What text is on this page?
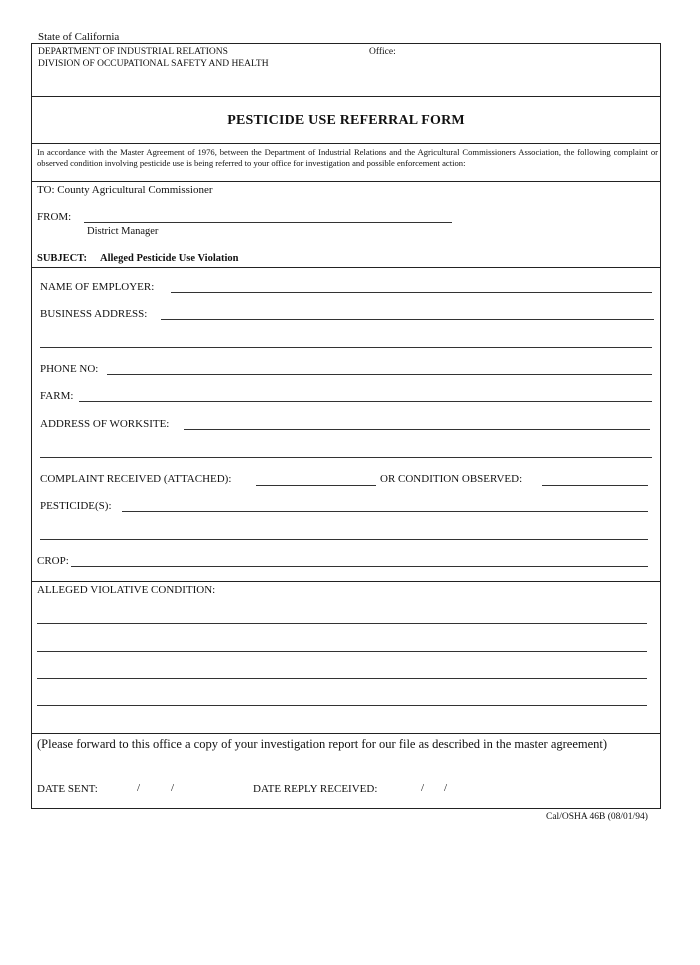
State of California
DEPARTMENT OF INDUSTRIAL RELATIONS
DIVISION OF OCCUPATIONAL SAFETY AND HEALTH
Office:
PESTICIDE USE REFERRAL FORM
In accordance with the Master Agreement of 1976, between the Department of Industrial Relations and the Agricultural Commissioners Association, the following complaint or observed condition involving pesticide use is being referred to your office for investigation and possible enforcement action:
TO: County Agricultural Commissioner
FROM:
District Manager
SUBJECT: Alleged Pesticide Use Violation
NAME OF EMPLOYER:
BUSINESS ADDRESS:
PHONE NO:
FARM:
ADDRESS OF WORKSITE:
COMPLAINT RECEIVED (ATTACHED):	OR CONDITION OBSERVED:
PESTICIDE(S):
CROP:
ALLEGED VIOLATIVE CONDITION:
(Please forward to this office a copy of your investigation report for our file as described in the master agreement)
DATE SENT:	/	/	DATE REPLY RECEIVED:	/ /
Cal/OSHA 46B (08/01/94)
